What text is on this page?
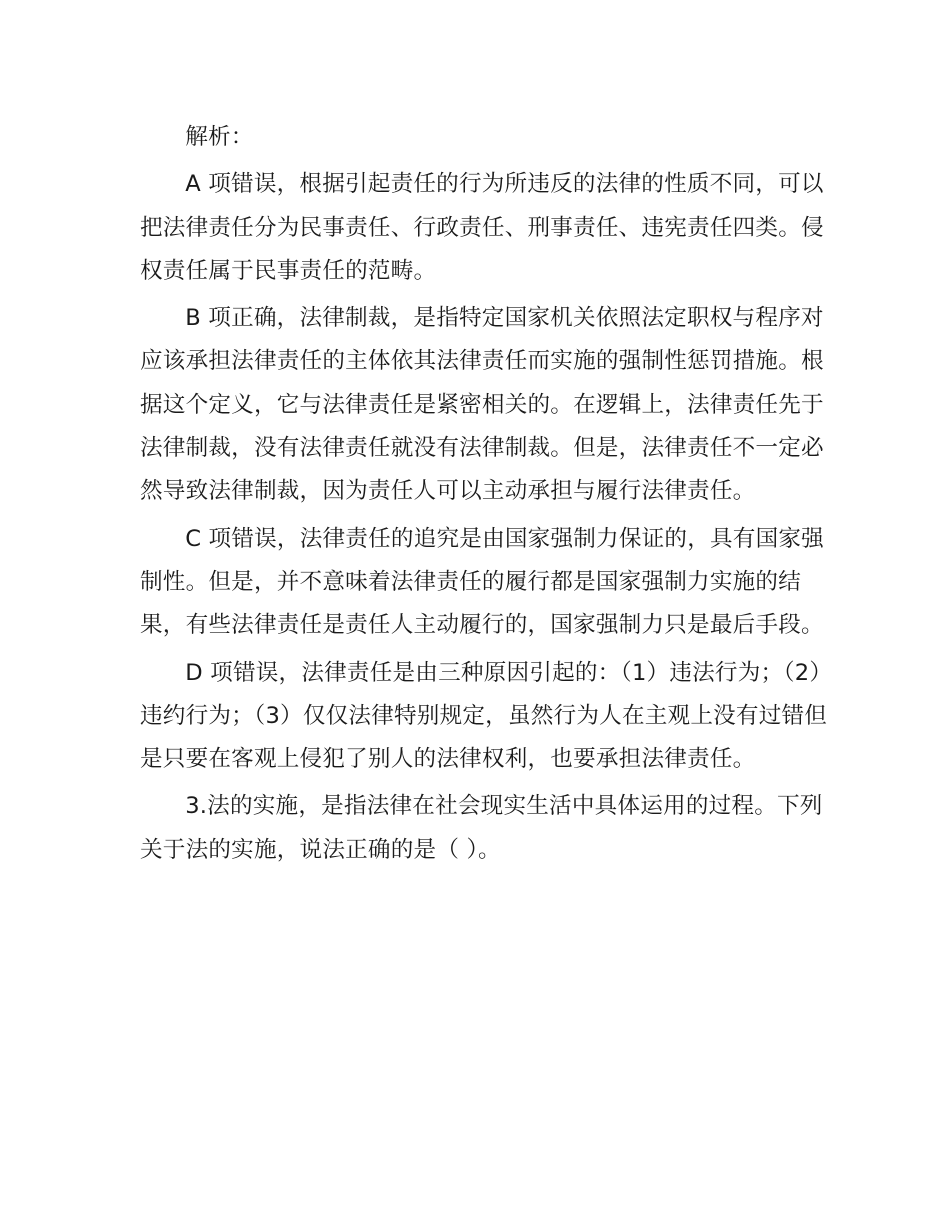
解析：

A 项错误，根据引起责任的行为所违反的法律的性质不同，可以把法律责任分为民事责任、行政责任、刑事责任、违宪责任四类。侵权责任属于民事责任的范畴。

B 项正确，法律制裁，是指特定国家机关依照法定职权与程序对应该承担法律责任的主体依其法律责任而实施的强制性惩罚措施。根据这个定义，它与法律责任是紧密相关的。在逻辑上，法律责任先于法律制裁，没有法律责任就没有法律制裁。但是，法律责任不一定必然导致法律制裁，因为责任人可以主动承担与履行法律责任。

C 项错误，法律责任的追究是由国家强制力保证的，具有国家强制性。但是，并不意味着法律责任的履行都是国家强制力实施的结果，有些法律责任是责任人主动履行的，国家强制力只是最后手段。

D 项错误，法律责任是由三种原因引起的：（1）违法行为；（2）违约行为；（3）仅仅法律特别规定，虽然行为人在主观上没有过错但是只要在客观上侵犯了别人的法律权利，也要承担法律责任。

3.法的实施，是指法律在社会现实生活中具体运用的过程。下列关于法的实施，说法正确的是（ ）。
